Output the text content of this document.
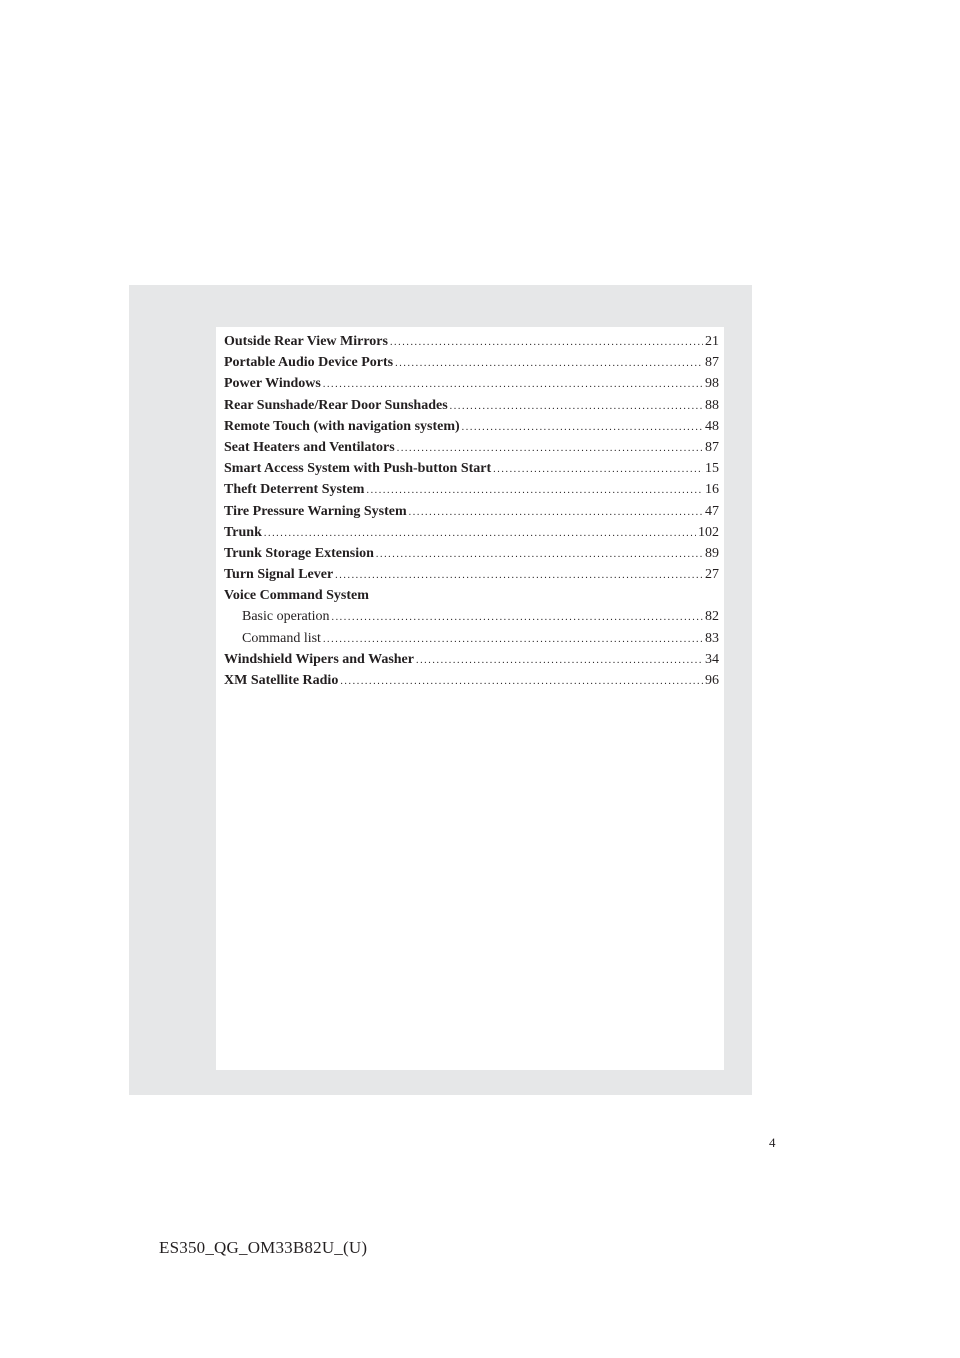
Outside Rear View Mirrors .....	21
Portable Audio Device Ports .....	87
Power Windows .....	98
Rear Sunshade/Rear Door Sunshades .....	88
Remote Touch (with navigation system) .....	48
Seat Heaters and Ventilators .....	87
Smart Access System with Push-button Start .....	15
Theft Deterrent System .....	16
Tire Pressure Warning System .....	47
Trunk .....	102
Trunk Storage Extension .....	89
Turn Signal Lever .....	27
Voice Command System
Basic operation .....	82
Command list .....	83
Windshield Wipers and Washer .....	34
XM Satellite Radio .....	96
4
ES350_QG_OM33B82U_(U)
